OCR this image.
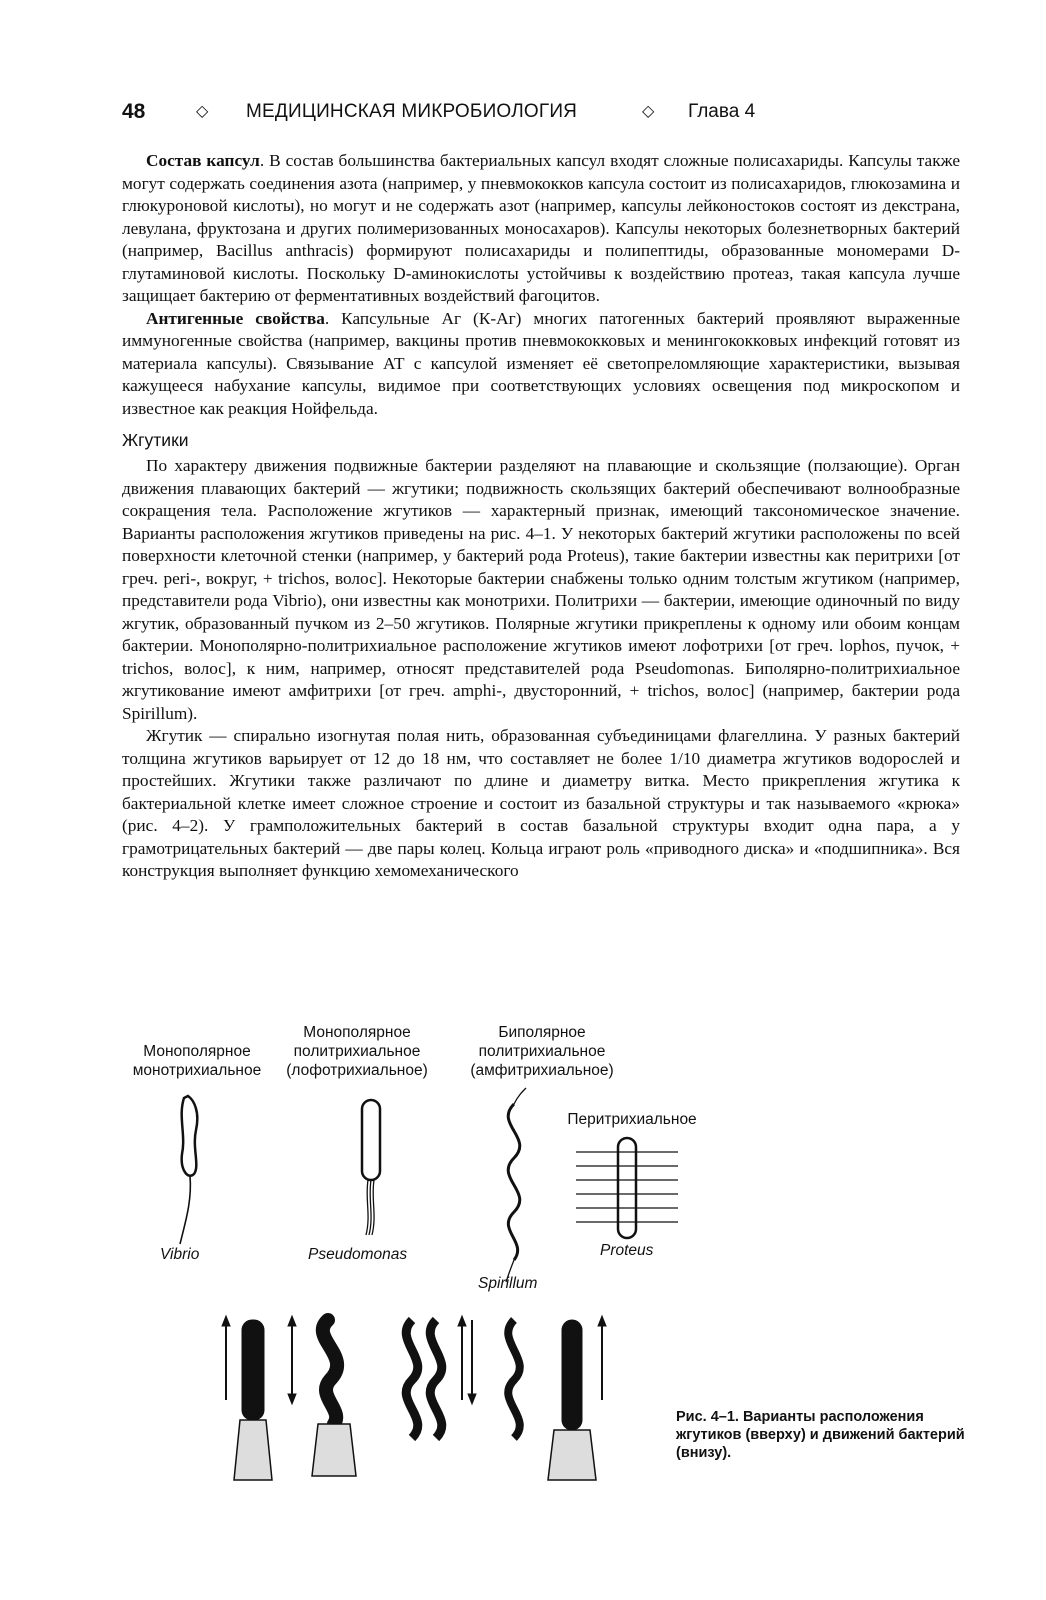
48	◇ МЕДИЦИНСКАЯ МИКРОБИОЛОГИЯ	◇ Глава 4

Состав капсул. В состав большинства бактериальных капсул входят сложные полисахариды. Капсулы также могут содержать соединения азота (например, у пневмококков капсула состоит из полисахаридов, глюкозамина и глюкуроновой кислоты), но могут и не содержать азот (например, капсулы лейконостоков состоят из декстрана, левулана, фруктозана и других полимеризованных моносахаров). Капсулы некоторых болезнетворных бактерий (например, Bacillus anthracis) формируют полисахариды и полипептиды, образованные мономерами D-глутаминовой кислоты. Поскольку D-аминокислоты устойчивы к воздействию протеаз, такая капсула лучше защищает бактерию от ферментативных воздействий фагоцитов.

Антигенные свойства. Капсульные Аг (К-Аг) многих патогенных бактерий проявляют выраженные иммуногенные свойства (например, вакцины против пневмококковых и менингококковых инфекций готовят из материала капсулы). Связывание АТ с капсулой изменяет её светопреломляющие характеристики, вызывая кажущееся набухание капсулы, видимое при соответствующих условиях освещения под микроскопом и известное как реакция Нойфельда.

Жгутики

По характеру движения подвижные бактерии разделяют на плавающие и скользящие (ползающие). Орган движения плавающих бактерий — жгутики; подвижность скользящих бактерий обеспечивают волнообразные сокращения тела. Расположение жгутиков — характерный признак, имеющий таксономическое значение. Варианты расположения жгутиков приведены на рис. 4–1. У некоторых бактерий жгутики расположены по всей поверхности клеточной стенки (например, у бактерий рода Proteus), такие бактерии известны как перитрихи [от греч. peri-, вокруг, + trichos, волос]. Некоторые бактерии снабжены только одним толстым жгутиком (например, представители рода Vibrio), они известны как монотрихи. Политрихи — бактерии, имеющие одиночный по виду жгутик, образованный пучком из 2–50 жгутиков. Полярные жгутики прикреплены к одному или обоим концам бактерии. Монополярно-политрихиальное расположение жгутиков имеют лофотрихи [от греч. lophos, пучок, + trichos, волос], к ним, например, относят представителей рода Pseudomonas. Биполярно-политрихиальное жгутикование имеют амфитрихи [от греч. amphi-, двусторонний, + trichos, волос] (например, бактерии рода Spirillum).

Жгутик — спирально изогнутая полая нить, образованная субъединицами флагеллина. У разных бактерий толщина жгутиков варьирует от 12 до 18 нм, что составляет не более 1/10 диаметра жгутиков водорослей и простейших. Жгутики также различают по длине и диаметру витка. Место прикрепления жгутика к бактериальной клетке имеет сложное строение и состоит из базальной структуры и так называемого «крюка» (рис. 4–2). У грамположительных бактерий в состав базальной структуры входит одна пара, а у грамотрицательных бактерий — две пары колец. Кольца играют роль «приводного диска» и «подшипника». Вся конструкция выполняет функцию хемомеханического

Монополярное
монотрихиальное
Монополярное
политрихиальное
(лофотрихиальное)
Биполярное
политрихиальное
(амфитрихиальное)
Перитрихиальное
Vibrio	Pseudomonas
Spirillum
Proteus
Рис. 4–1. Варианты расположения жгутиков (вверху) и движений бактерий (внизу).
